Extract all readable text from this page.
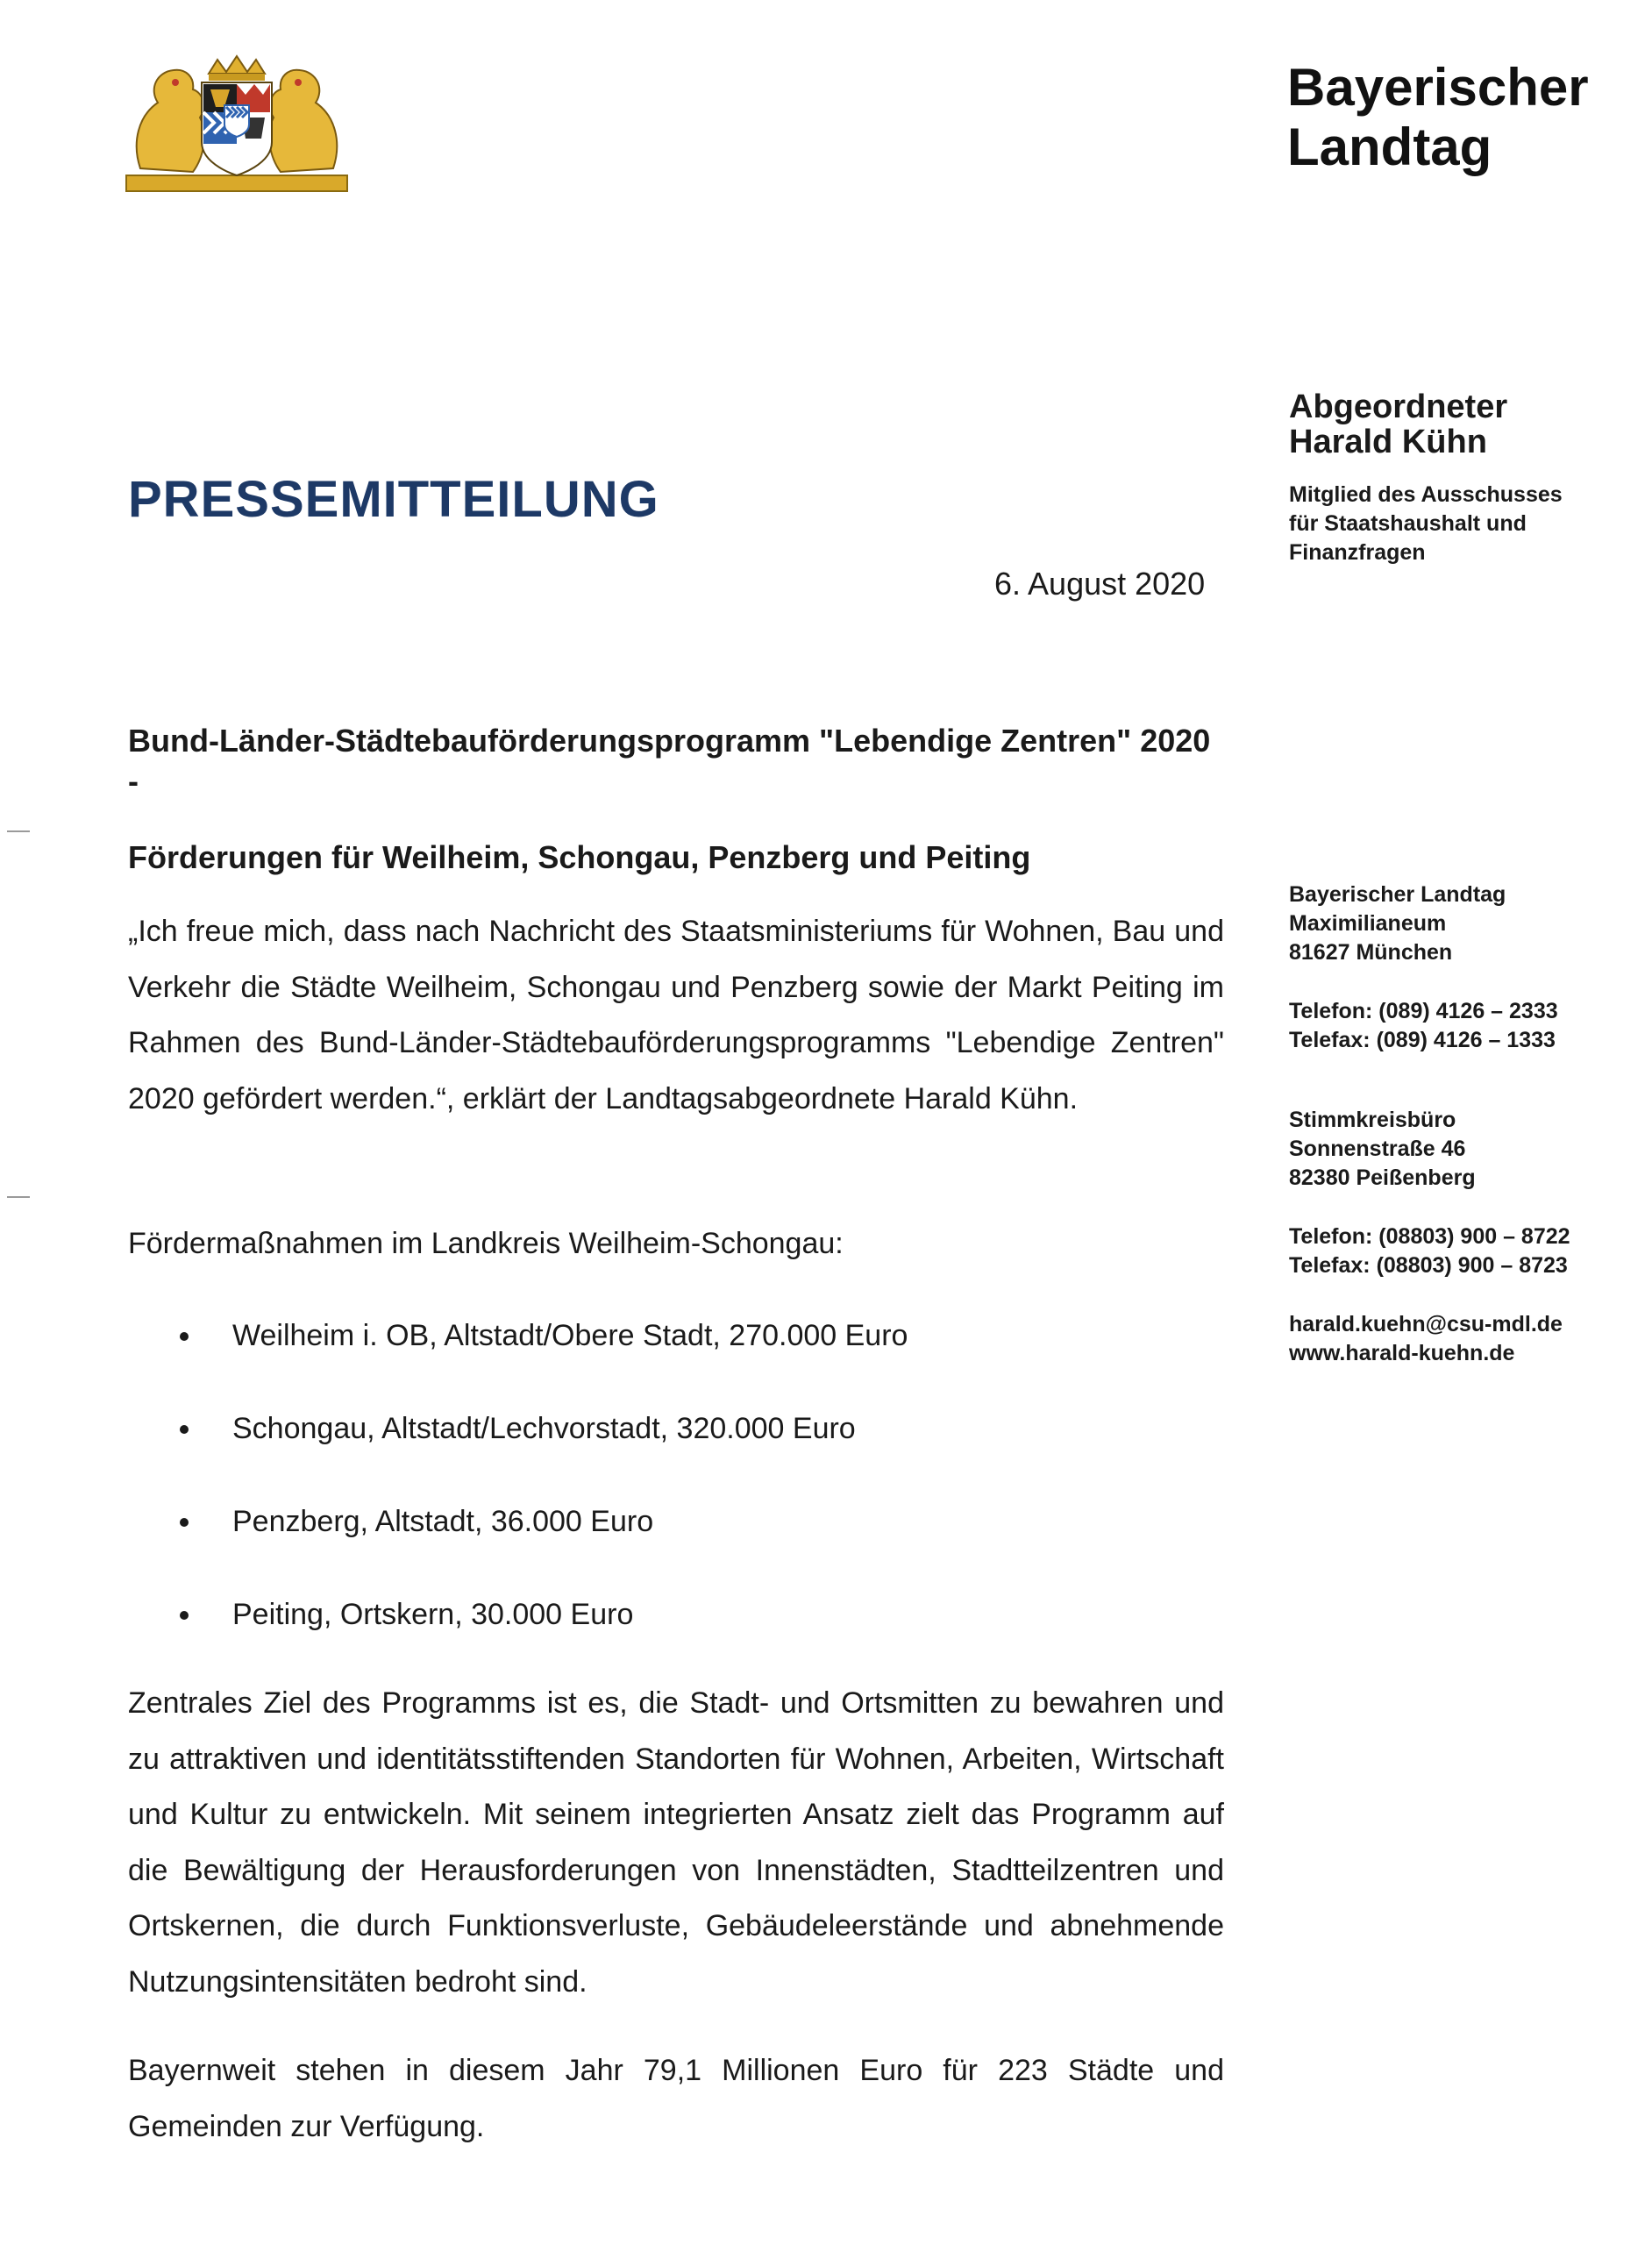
Bayerischer
Landtag
Abgeordneter
Harald Kühn
Mitglied des Ausschusses
für Staatshaushalt und
Finanzfragen
PRESSEMITTEILUNG
6. August 2020
Bund-Länder-Städtebauförderungsprogramm "Lebendige Zentren" 2020 -
Förderungen für Weilheim, Schongau, Penzberg und Peiting
„Ich freue mich, dass nach Nachricht des Staatsministeriums für Wohnen, Bau und Verkehr die Städte Weilheim, Schongau und Penzberg sowie der Markt Peiting im Rahmen des Bund-Länder-Städtebauförderungsprogramms "Lebendige Zentren" 2020 gefördert werden.“, erklärt der Landtagsabgeordnete Harald Kühn.
Fördermaßnahmen im Landkreis Weilheim-Schongau:
Weilheim i. OB, Altstadt/Obere Stadt, 270.000 Euro
Schongau, Altstadt/Lechvorstadt, 320.000 Euro
Penzberg, Altstadt, 36.000 Euro
Peiting, Ortskern, 30.000 Euro
Zentrales Ziel des Programms ist es, die Stadt- und Ortsmitten zu bewahren und zu attraktiven und identitätsstiftenden Standorten für Wohnen, Arbeiten, Wirtschaft und Kultur zu entwickeln. Mit seinem integrierten Ansatz zielt das Programm auf die Bewältigung der Herausforderungen von Innenstädten, Stadtteilzentren und Ortskernen, die durch Funktionsverluste, Gebäudeleerstände und abnehmende Nutzungsintensitäten bedroht sind.
Bayernweit stehen in diesem Jahr 79,1 Millionen Euro für 223 Städte und Gemeinden zur Verfügung.
Bayerischer Landtag
Maximilianeum
81627 München
Telefon: (089) 4126 – 2333
Telefax: (089) 4126 – 1333
Stimmkreisbüro
Sonnenstraße 46
82380 Peißenberg
Telefon: (08803) 900 – 8722
Telefax: (08803) 900 – 8723
harald.kuehn@csu-mdl.de
www.harald-kuehn.de
